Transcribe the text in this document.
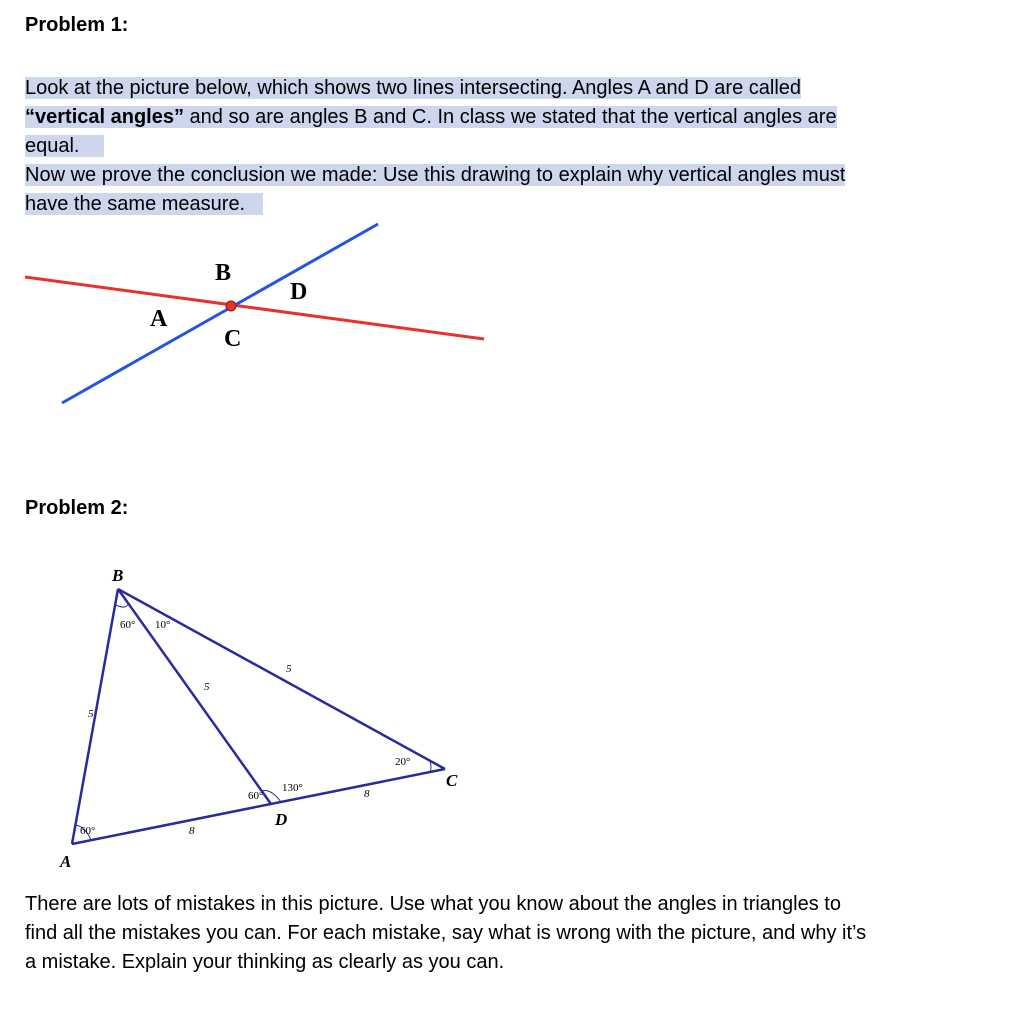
Problem 1:
Look at the picture below, which shows two lines intersecting. Angles A and D are called
“vertical angles” and so are angles B and C. In class we stated that the vertical angles are
equal.
Now we prove the conclusion we made: Use this drawing to explain why vertical angles must
have the same measure.
B
D
A
C
Problem 2:
B
A
C
D
60°
60° 10°
60°
130°
20°
5
5
5
8
8
There are lots of mistakes in this picture. Use what you know about the angles in triangles to
find all the mistakes you can. For each mistake, say what is wrong with the picture, and why it’s
a mistake. Explain your thinking as clearly as you can.
